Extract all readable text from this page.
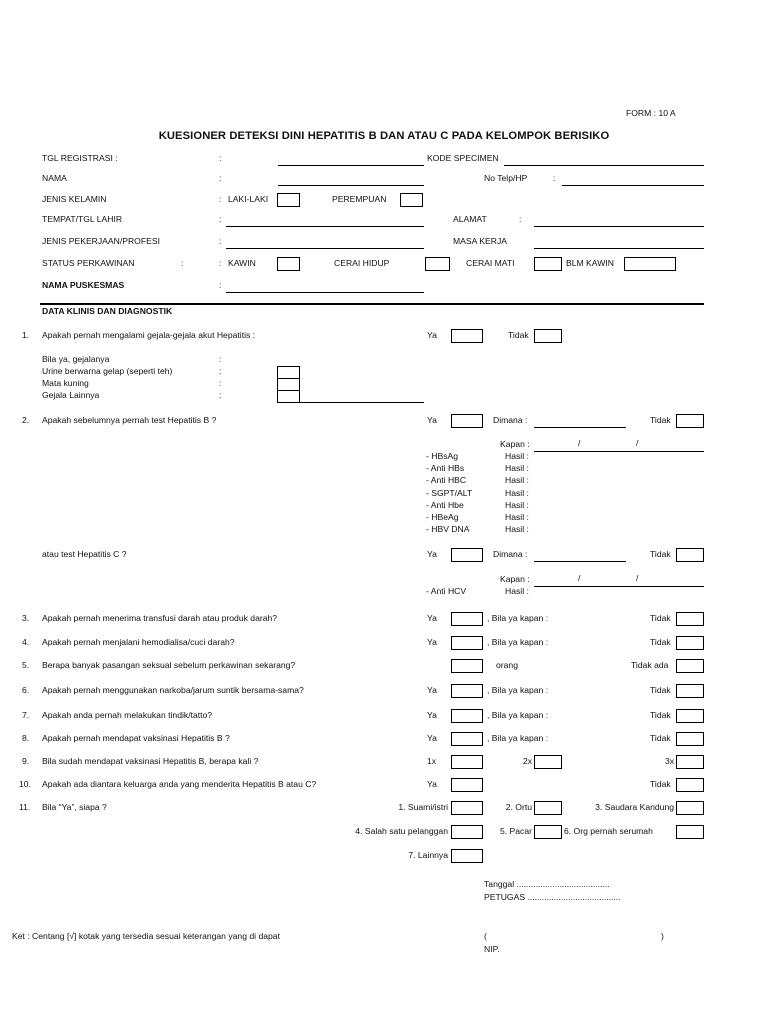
FORM : 10 A
KUESIONER DETEKSI DINI HEPATITIS B DAN ATAU C PADA KELOMPOK BERISIKO
TGL REGISTRASI :	:	KODE SPECIMEN
NAMA	:	No Telp/HP	:
JENIS KELAMIN	: LAKI-LAKI	PEREMPUAN
TEMPAT/TGL LAHIR	:	ALAMAT	:
JENIS PEKERJAAN/PROFESI	:	MASA KERJA
STATUS PERKAWINAN	:	: KAWIN	CERAI HIDUP	CERAI MATI	BLM KAWIN
NAMA PUSKESMAS	:
DATA KLINIS DAN DIAGNOSTIK
1. Apakah pernah mengalami gejala-gejala akut Hepatitis :	Ya	Tidak
Bila ya, gejalanya	:
Urine berwarna gelap (seperti teh)	:
Mata kuning	:
Gejala Lainnya	:
2. Apakah sebelumnya pernah test Hepatitis B ?	Ya	Dimana :	Tidak
Kapan :	/	/
- HBsAg	Hasil :
- Anti HBs	Hasil :
- Anti HBC	Hasil :
- SGPT/ALT	Hasil :
- Anti Hbe	Hasil :
- HBeAg	Hasil :
- HBV DNA	Hasil :
atau test Hepatitis C ?	Ya	Dimana :	Tidak
Kapan :	/	/
- Anti HCV	Hasil :
3. Apakah pernah menerima transfusi darah atau produk darah?	Ya	, Bila ya kapan :	Tidak
4. Apakah pernah menjalani hemodialisa/cuci darah?	Ya	, Bila ya kapan :	Tidak
5. Berapa banyak pasangan seksual sebelum perkawinan sekarang?	orang	Tidak ada
6. Apakah pernah menggunakan narkoba/jarum suntik bersama-sama?	Ya	, Bila ya kapan :	Tidak
7. Apakah anda pernah melakukan tindik/tatto?	Ya	, Bila ya kapan :	Tidak
8. Apakah pernah mendapat vaksinasi Hepatitis B ?	Ya	, Bila ya kapan :	Tidak
9. Bila sudah mendapat vaksinasi Hepatitis B, berapa kali ?	1x	2x	3x
10. Apakah ada diantara keluarga anda yang menderita Hepatitis B atau C?	Ya	Tidak
11. Bila “Ya”, siapa ?	1. Suami/istri	2. Ortu	3. Saudara Kandung
4. Salah satu pelanggan	5. Pacar	6. Org pernah serumah
7. Lainnya
Tanggal .......................................
PETUGAS .......................................
Ket : Centang [√] kotak yang tersedia sesuai keterangan yang di dapat	(	)
NIP.
